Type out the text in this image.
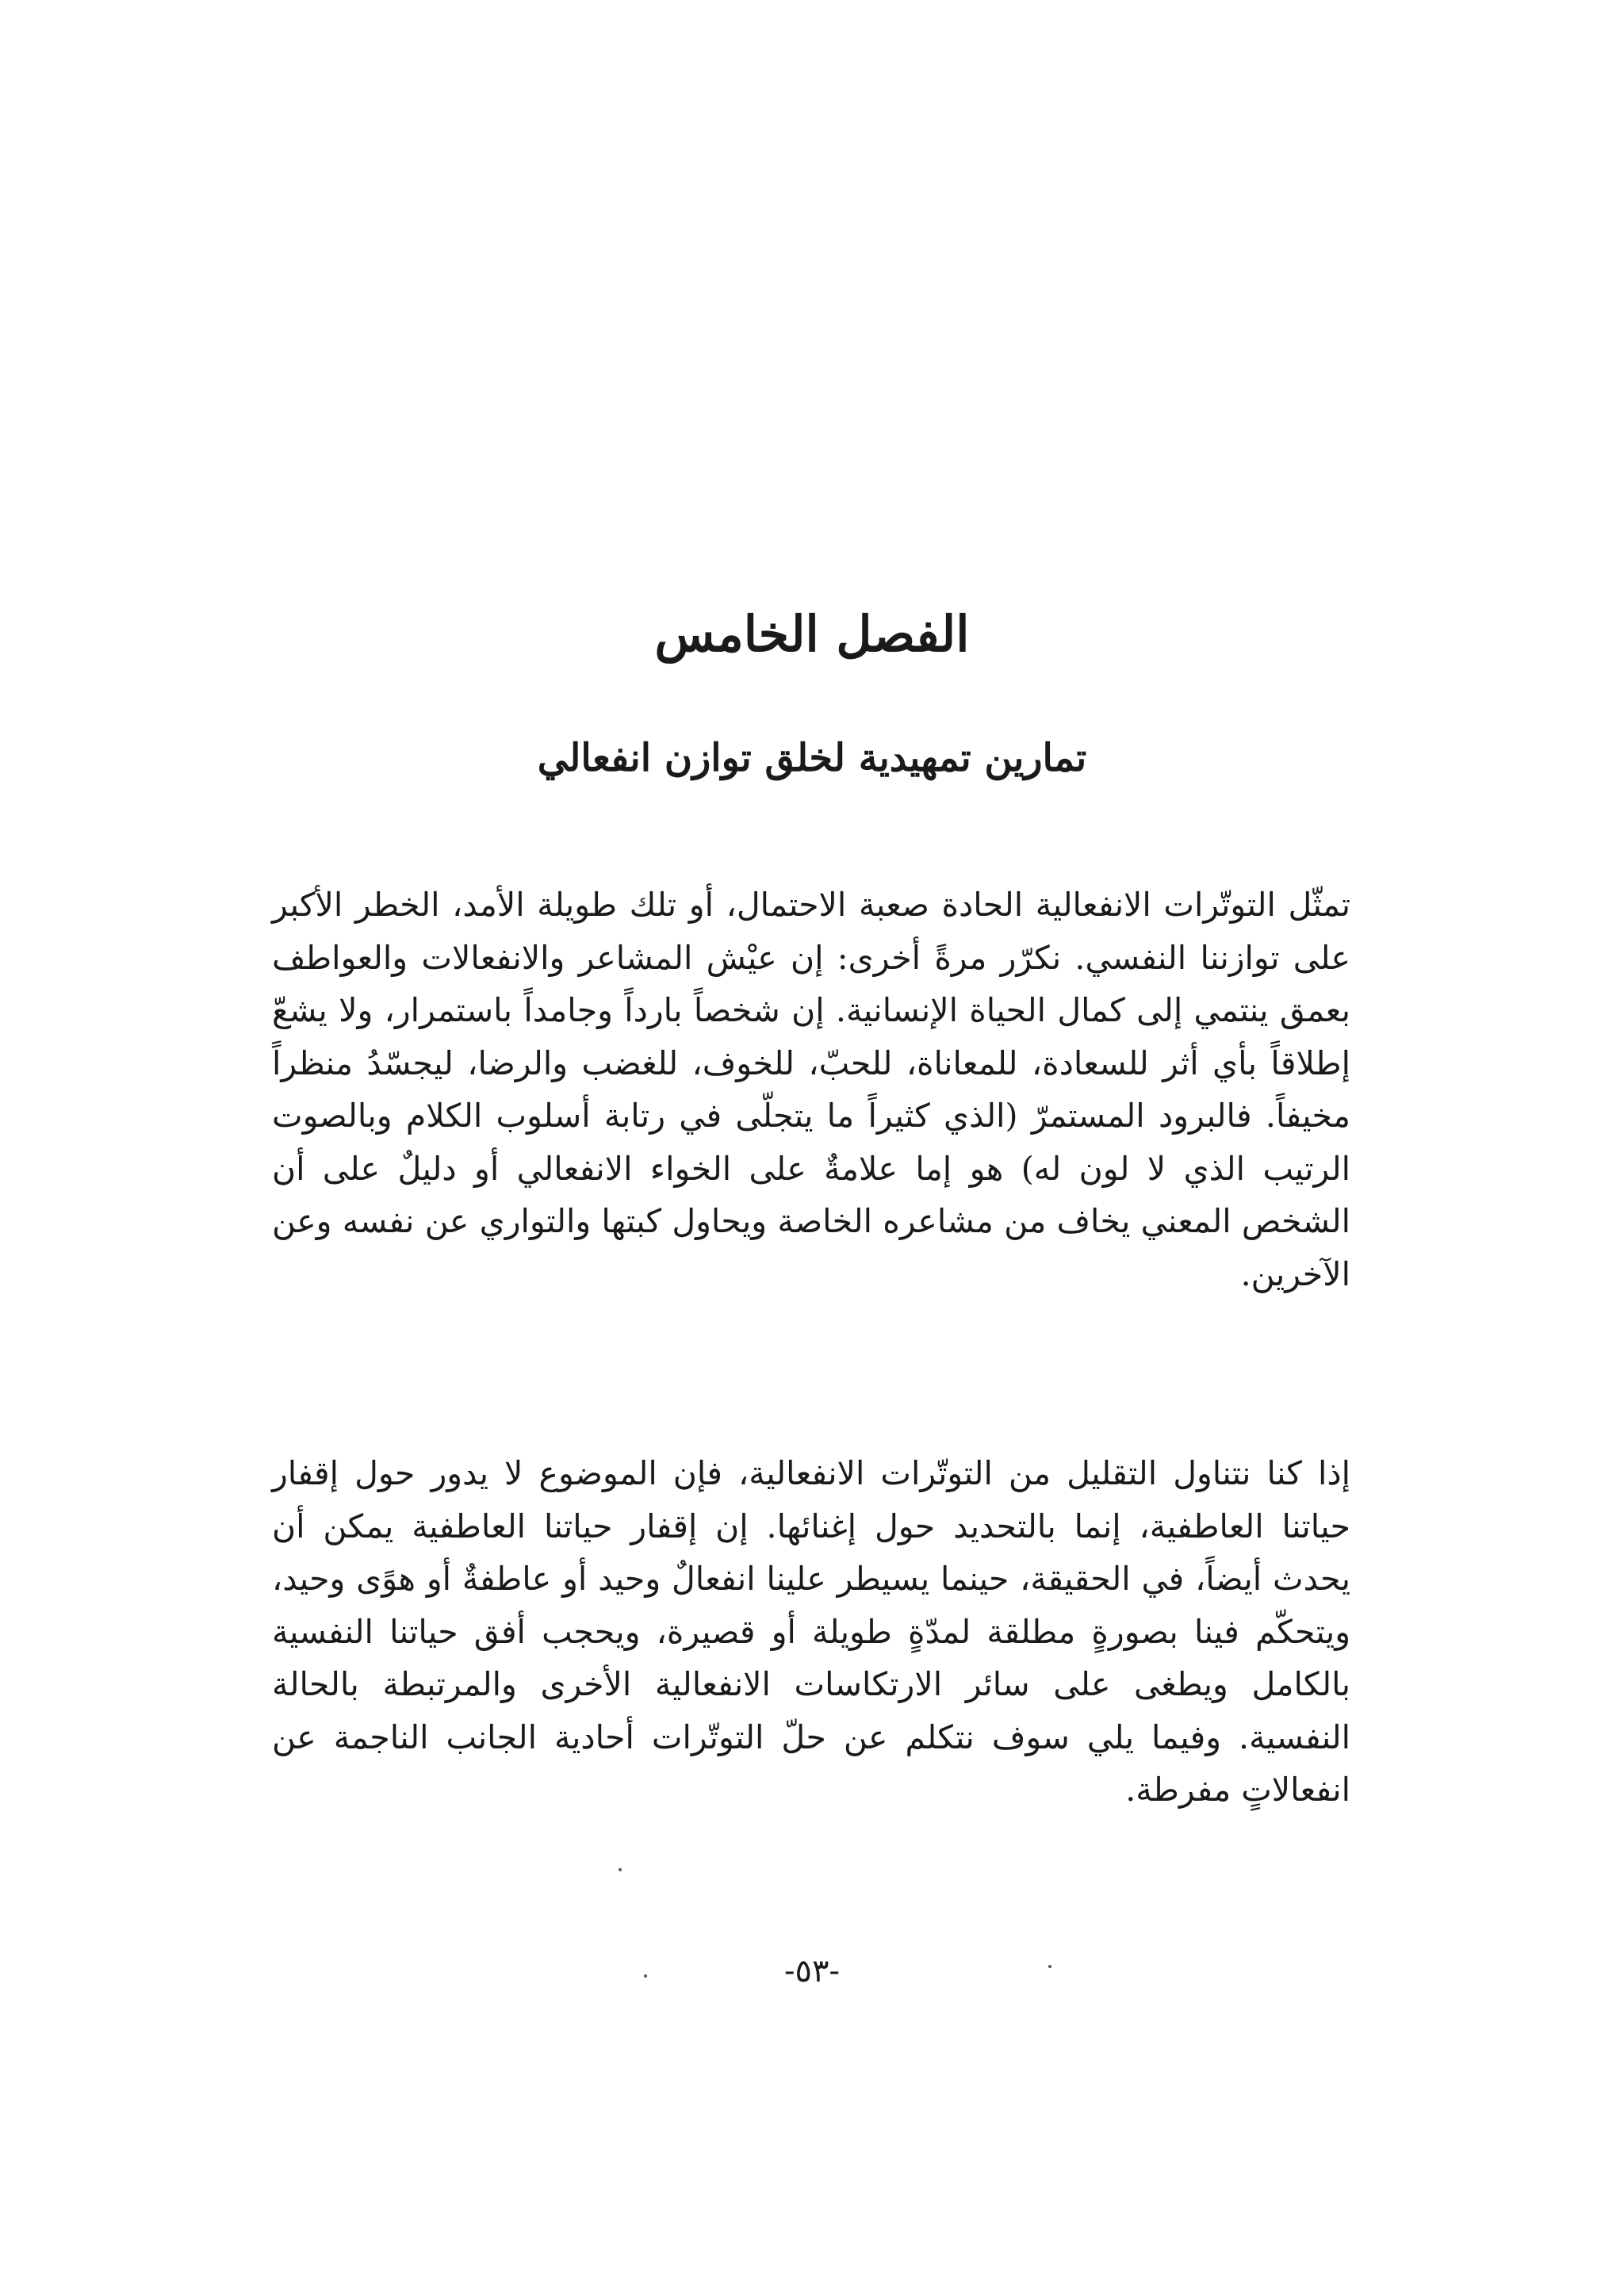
الفصل الخامس
تمارين تمهيدية لخلق توازن انفعالي

تمثّل التوتّرات الانفعالية الحادة صعبة الاحتمال، أو تلك طويلة الأمد، الخطر الأكبر على توازننا النفسي. نكرّر مرةً أخرى: إن عيْش المشاعر والانفعالات والعواطف بعمق ينتمي إلى كمال الحياة الإنسانية. إن شخصاً بارداً وجامداً باستمرار، ولا يشعّ إطلاقاً بأي أثر للسعادة، للمعاناة، للحبّ، للخوف، للغضب والرضا، ليجسّدُ منظراً مخيفاً. فالبرود المستمرّ (الذي كثيراً ما يتجلّى في رتابة أسلوب الكلام وبالصوت الرتيب الذي لا لون له) هو إما علامةٌ على الخواء الانفعالي أو دليلٌ على أن الشخص المعني يخاف من مشاعره الخاصة ويحاول كبتها والتواري عن نفسه وعن الآخرين.

إذا كنا نتناول التقليل من التوتّرات الانفعالية، فإن الموضوع لا يدور حول إقفار حياتنا العاطفية، إنما بالتحديد حول إغنائها. إن إقفار حياتنا العاطفية يمكن أن يحدث أيضاً، في الحقيقة، حينما يسيطر علينا انفعالٌ وحيد أو عاطفةٌ أو هوًى وحيد، ويتحكّم فينا بصورةٍ مطلقة لمدّةٍ طويلة أو قصيرة، ويحجب أفق حياتنا النفسية بالكامل ويطغى على سائر الارتكاسات الانفعالية الأخرى والمرتبطة بالحالة النفسية. وفيما يلي سوف نتكلم عن حلّ التوتّرات أحادية الجانب الناجمة عن انفعالاتٍ مفرطة.

-٥٣-
